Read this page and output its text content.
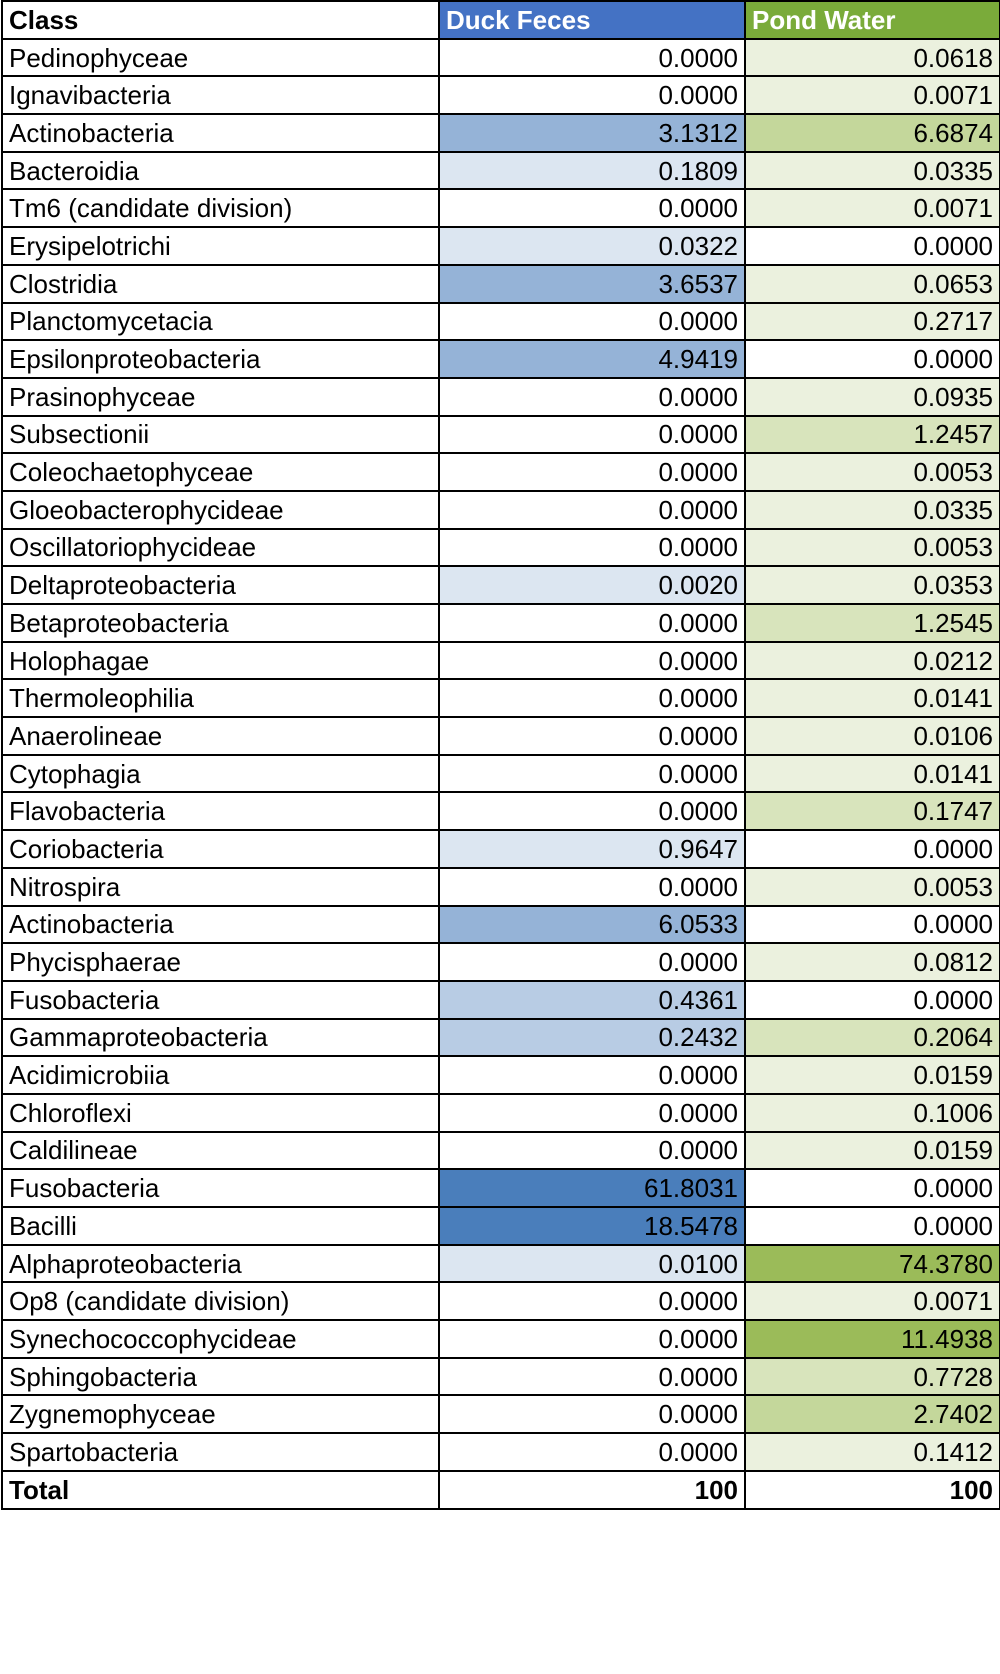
Class	Duck Feces	Pond Water
Pedinophyceae	0.0000	0.0618
Ignavibacteria	0.0000	0.0071
Actinobacteria	3.1312	6.6874
Bacteroidia	0.1809	0.0335
Tm6 (candidate division)	0.0000	0.0071
Erysipelotrichi	0.0322	0.0000
Clostridia	3.6537	0.0653
Planctomycetacia	0.0000	0.2717
Epsilonproteobacteria	4.9419	0.0000
Prasinophyceae	0.0000	0.0935
Subsectionii	0.0000	1.2457
Coleochaetophyceae	0.0000	0.0053
Gloeobacterophycideae	0.0000	0.0335
Oscillatoriophycideae	0.0000	0.0053
Deltaproteobacteria	0.0020	0.0353
Betaproteobacteria	0.0000	1.2545
Holophagae	0.0000	0.0212
Thermoleophilia	0.0000	0.0141
Anaerolineae	0.0000	0.0106
Cytophagia	0.0000	0.0141
Flavobacteria	0.0000	0.1747
Coriobacteria	0.9647	0.0000
Nitrospira	0.0000	0.0053
Actinobacteria	6.0533	0.0000
Phycisphaerae	0.0000	0.0812
Fusobacteria	0.4361	0.0000
Gammaproteobacteria	0.2432	0.2064
Acidimicrobiia	0.0000	0.0159
Chloroflexi	0.0000	0.1006
Caldilineae	0.0000	0.0159
Fusobacteria	61.8031	0.0000
Bacilli	18.5478	0.0000
Alphaproteobacteria	0.0100	74.3780
Op8 (candidate division)	0.0000	0.0071
Synechococcophycideae	0.0000	11.4938
Sphingobacteria	0.0000	0.7728
Zygnemophyceae	0.0000	2.7402
Spartobacteria	0.0000	0.1412
Total	100	100
